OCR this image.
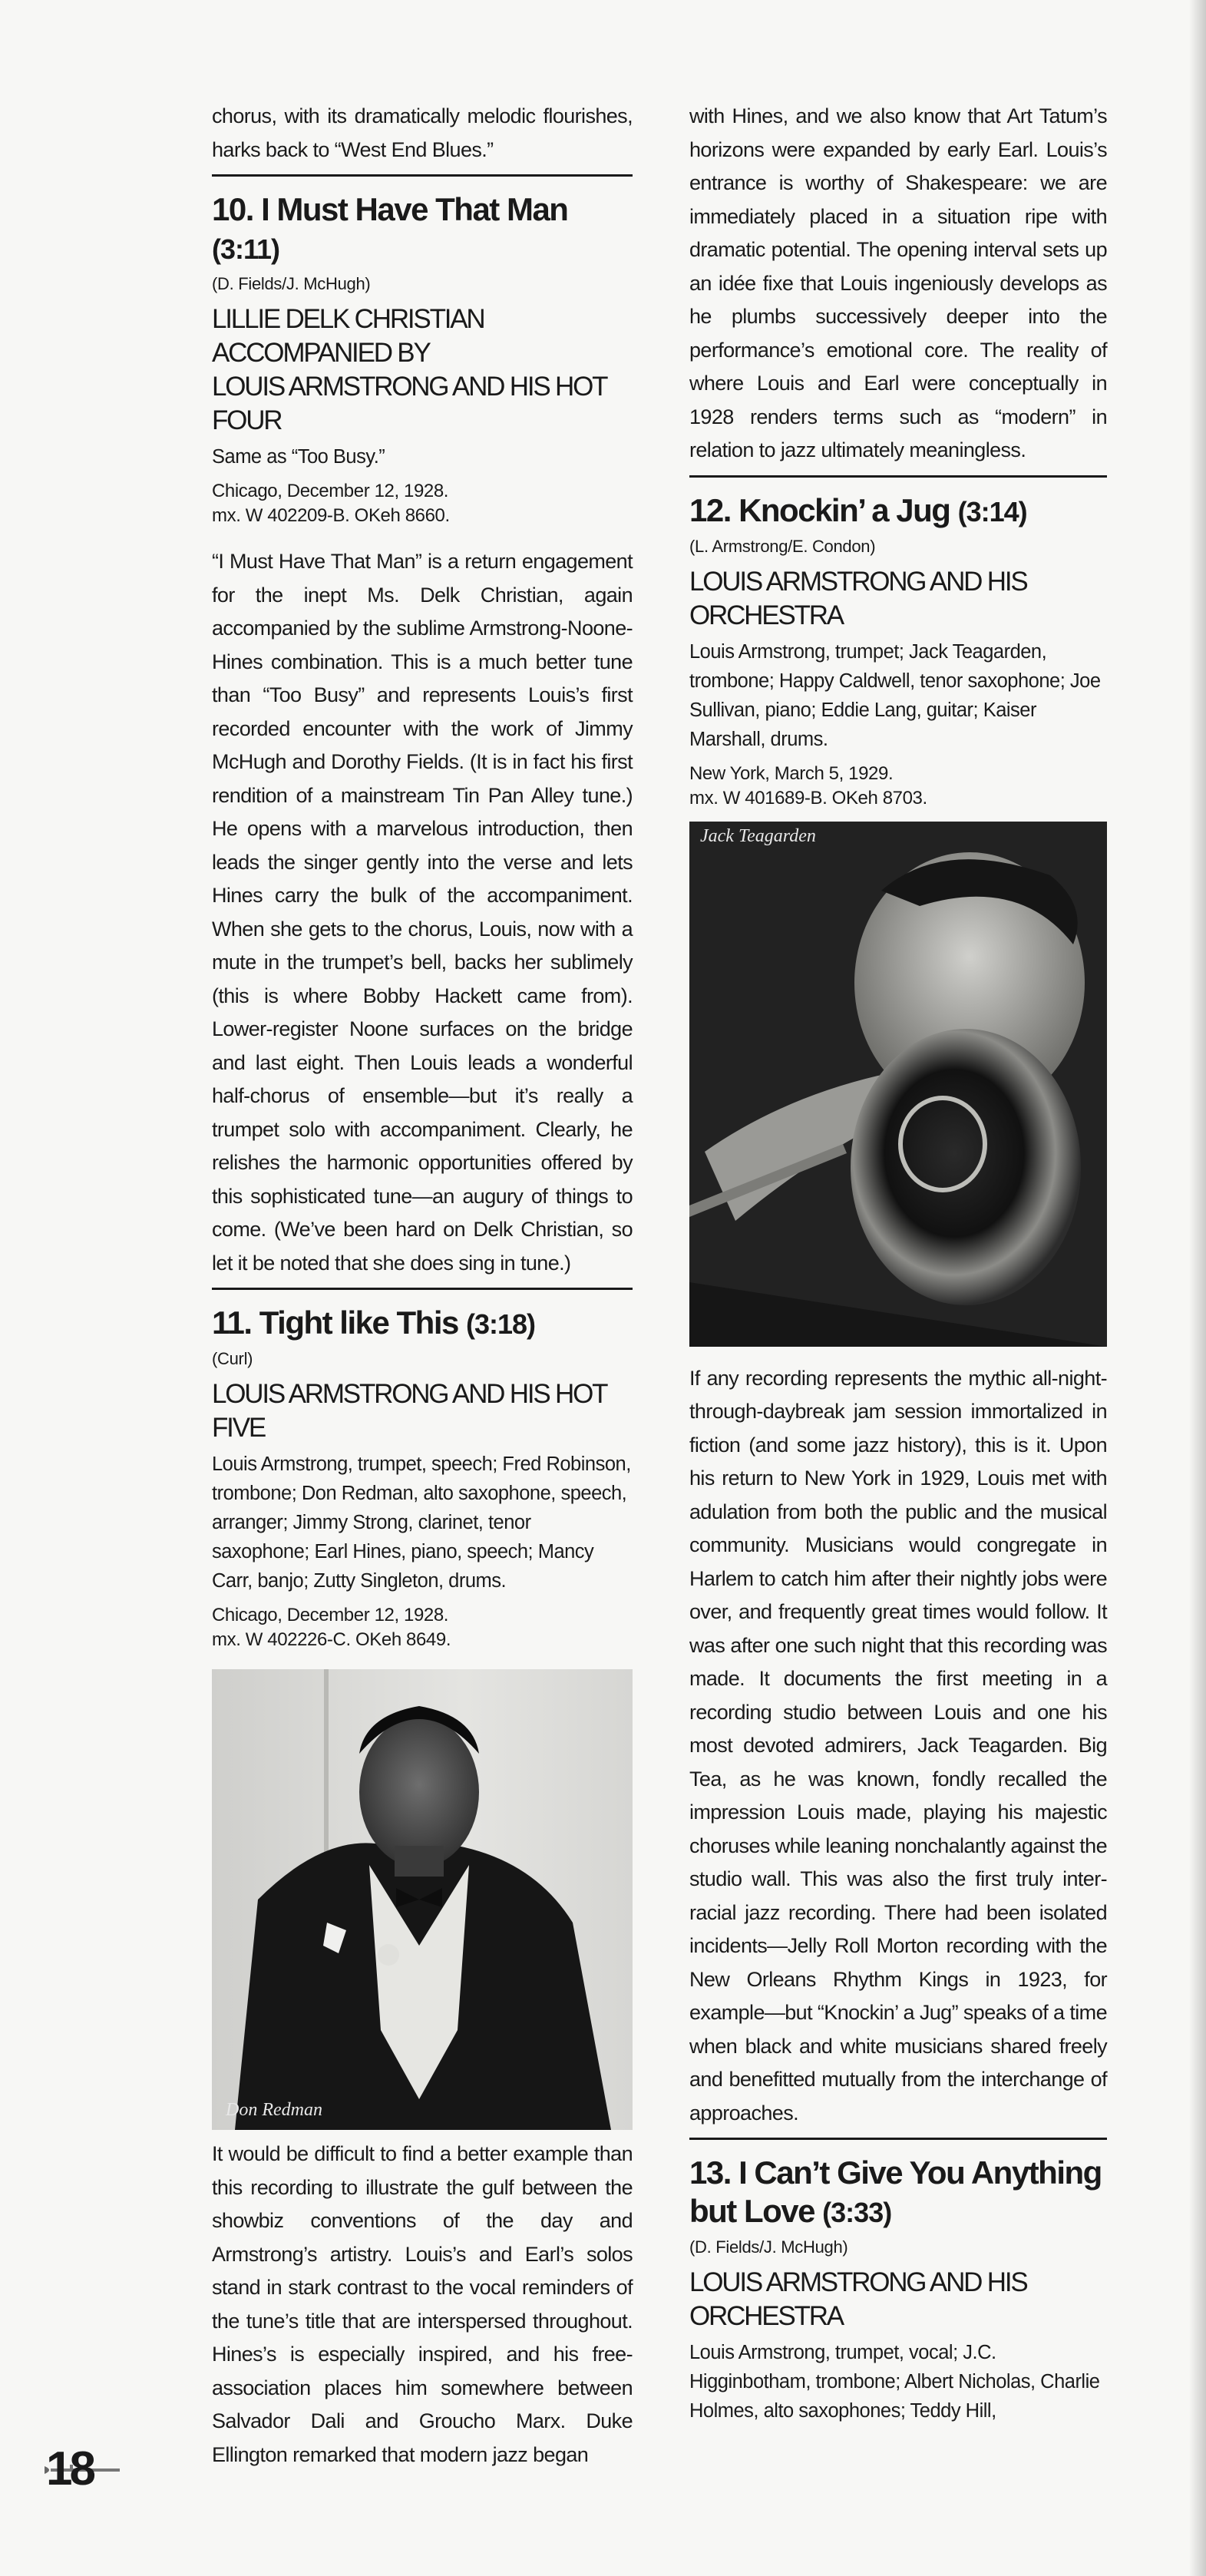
chorus, with its dramatically melodic flourishes, harks back to “West End Blues.”

10. I Must Have That Man (3:11)

(D. Fields/J. McHugh)

LILLIE DELK CHRISTIAN ACCOMPANIED BY

LOUIS ARMSTRONG AND HIS HOT FOUR

Same as “Too Busy.”

Chicago, December 12, 1928.

mx. W 402209-B. OKeh 8660.

“I Must Have That Man” is a return engagement for the inept Ms. Delk Christian, again accompanied by the sublime Armstrong-Noone-Hines combination. This is a much better tune than “Too Busy” and represents Louis’s first recorded encounter with the work of Jimmy McHugh and Dorothy Fields. (It is in fact his first rendition of a mainstream Tin Pan Alley tune.) He opens with a marvelous introduction, then leads the singer gently into the verse and lets Hines carry the bulk of the accompaniment. When she gets to the chorus, Louis, now with a mute in the trumpet’s bell, backs her sublimely (this is where Bobby Hackett came from). Lower-register Noone surfaces on the bridge and last eight. Then Louis leads a wonderful half-chorus of ensemble—but it’s really a trumpet solo with accompaniment. Clearly, he relishes the harmonic opportunities offered by this sophisticated tune—an augury of things to come. (We’ve been hard on Delk Christian, so let it be noted that she does sing in tune.)

11. Tight like This (3:18)

(Curl)

LOUIS ARMSTRONG AND HIS HOT FIVE

Louis Armstrong, trumpet, speech; Fred Robinson, trombone; Don Redman, alto saxophone, speech, arranger; Jimmy Strong, clarinet, tenor saxophone; Earl Hines, piano, speech; Mancy Carr, banjo; Zutty Singleton, drums.

Chicago, December 12, 1928.

mx. W 402226-C. OKeh 8649.

Don Redman

It would be difficult to find a better example than this recording to illustrate the gulf between the showbiz conventions of the day and Armstrong’s artistry. Louis’s and Earl’s solos stand in stark contrast to the vocal reminders of the tune’s title that are interspersed throughout. Hines’s is especially inspired, and his free-association places him somewhere between Salvador Dali and Groucho Marx. Duke Ellington remarked that modern jazz began

with Hines, and we also know that Art Tatum’s horizons were expanded by early Earl. Louis’s entrance is worthy of Shakespeare: we are immediately placed in a situation ripe with dramatic potential. The opening interval sets up an idée fixe that Louis ingeniously develops as he plumbs successively deeper into the performance’s emotional core. The reality of where Louis and Earl were conceptually in 1928 renders terms such as “modern” in relation to jazz ultimately meaningless.

12. Knockin’ a Jug (3:14)

(L. Armstrong/E. Condon)

LOUIS ARMSTRONG AND HIS ORCHESTRA

Louis Armstrong, trumpet; Jack Teagarden, trombone; Happy Caldwell, tenor saxophone; Joe Sullivan, piano; Eddie Lang, guitar; Kaiser Marshall, drums.

New York, March 5, 1929.

mx. W 401689-B. OKeh 8703.

Jack Teagarden

If any recording represents the mythic all-night-through-daybreak jam session immortalized in fiction (and some jazz history), this is it. Upon his return to New York in 1929, Louis met with adulation from both the public and the musical community. Musicians would congregate in Harlem to catch him after their nightly jobs were over, and frequently great times would follow. It was after one such night that this recording was made. It documents the first meeting in a recording studio between Louis and one his most devoted admirers, Jack Teagarden. Big Tea, as he was known, fondly recalled the impression Louis made, playing his majestic choruses while leaning nonchalantly against the studio wall. This was also the first truly inter-racial jazz recording. There had been isolated incidents—Jelly Roll Morton recording with the New Orleans Rhythm Kings in 1923, for example—but “Knockin’ a Jug” speaks of a time when black and white musicians shared freely and benefitted mutually from the interchange of approaches.

13. I Can’t Give You Anything
but Love (3:33)

(D. Fields/J. McHugh)

LOUIS ARMSTRONG AND HIS ORCHESTRA

Louis Armstrong, trumpet, vocal; J.C. Higginbotham, trombone; Albert Nicholas, Charlie Holmes, alto saxophones; Teddy Hill,

18
